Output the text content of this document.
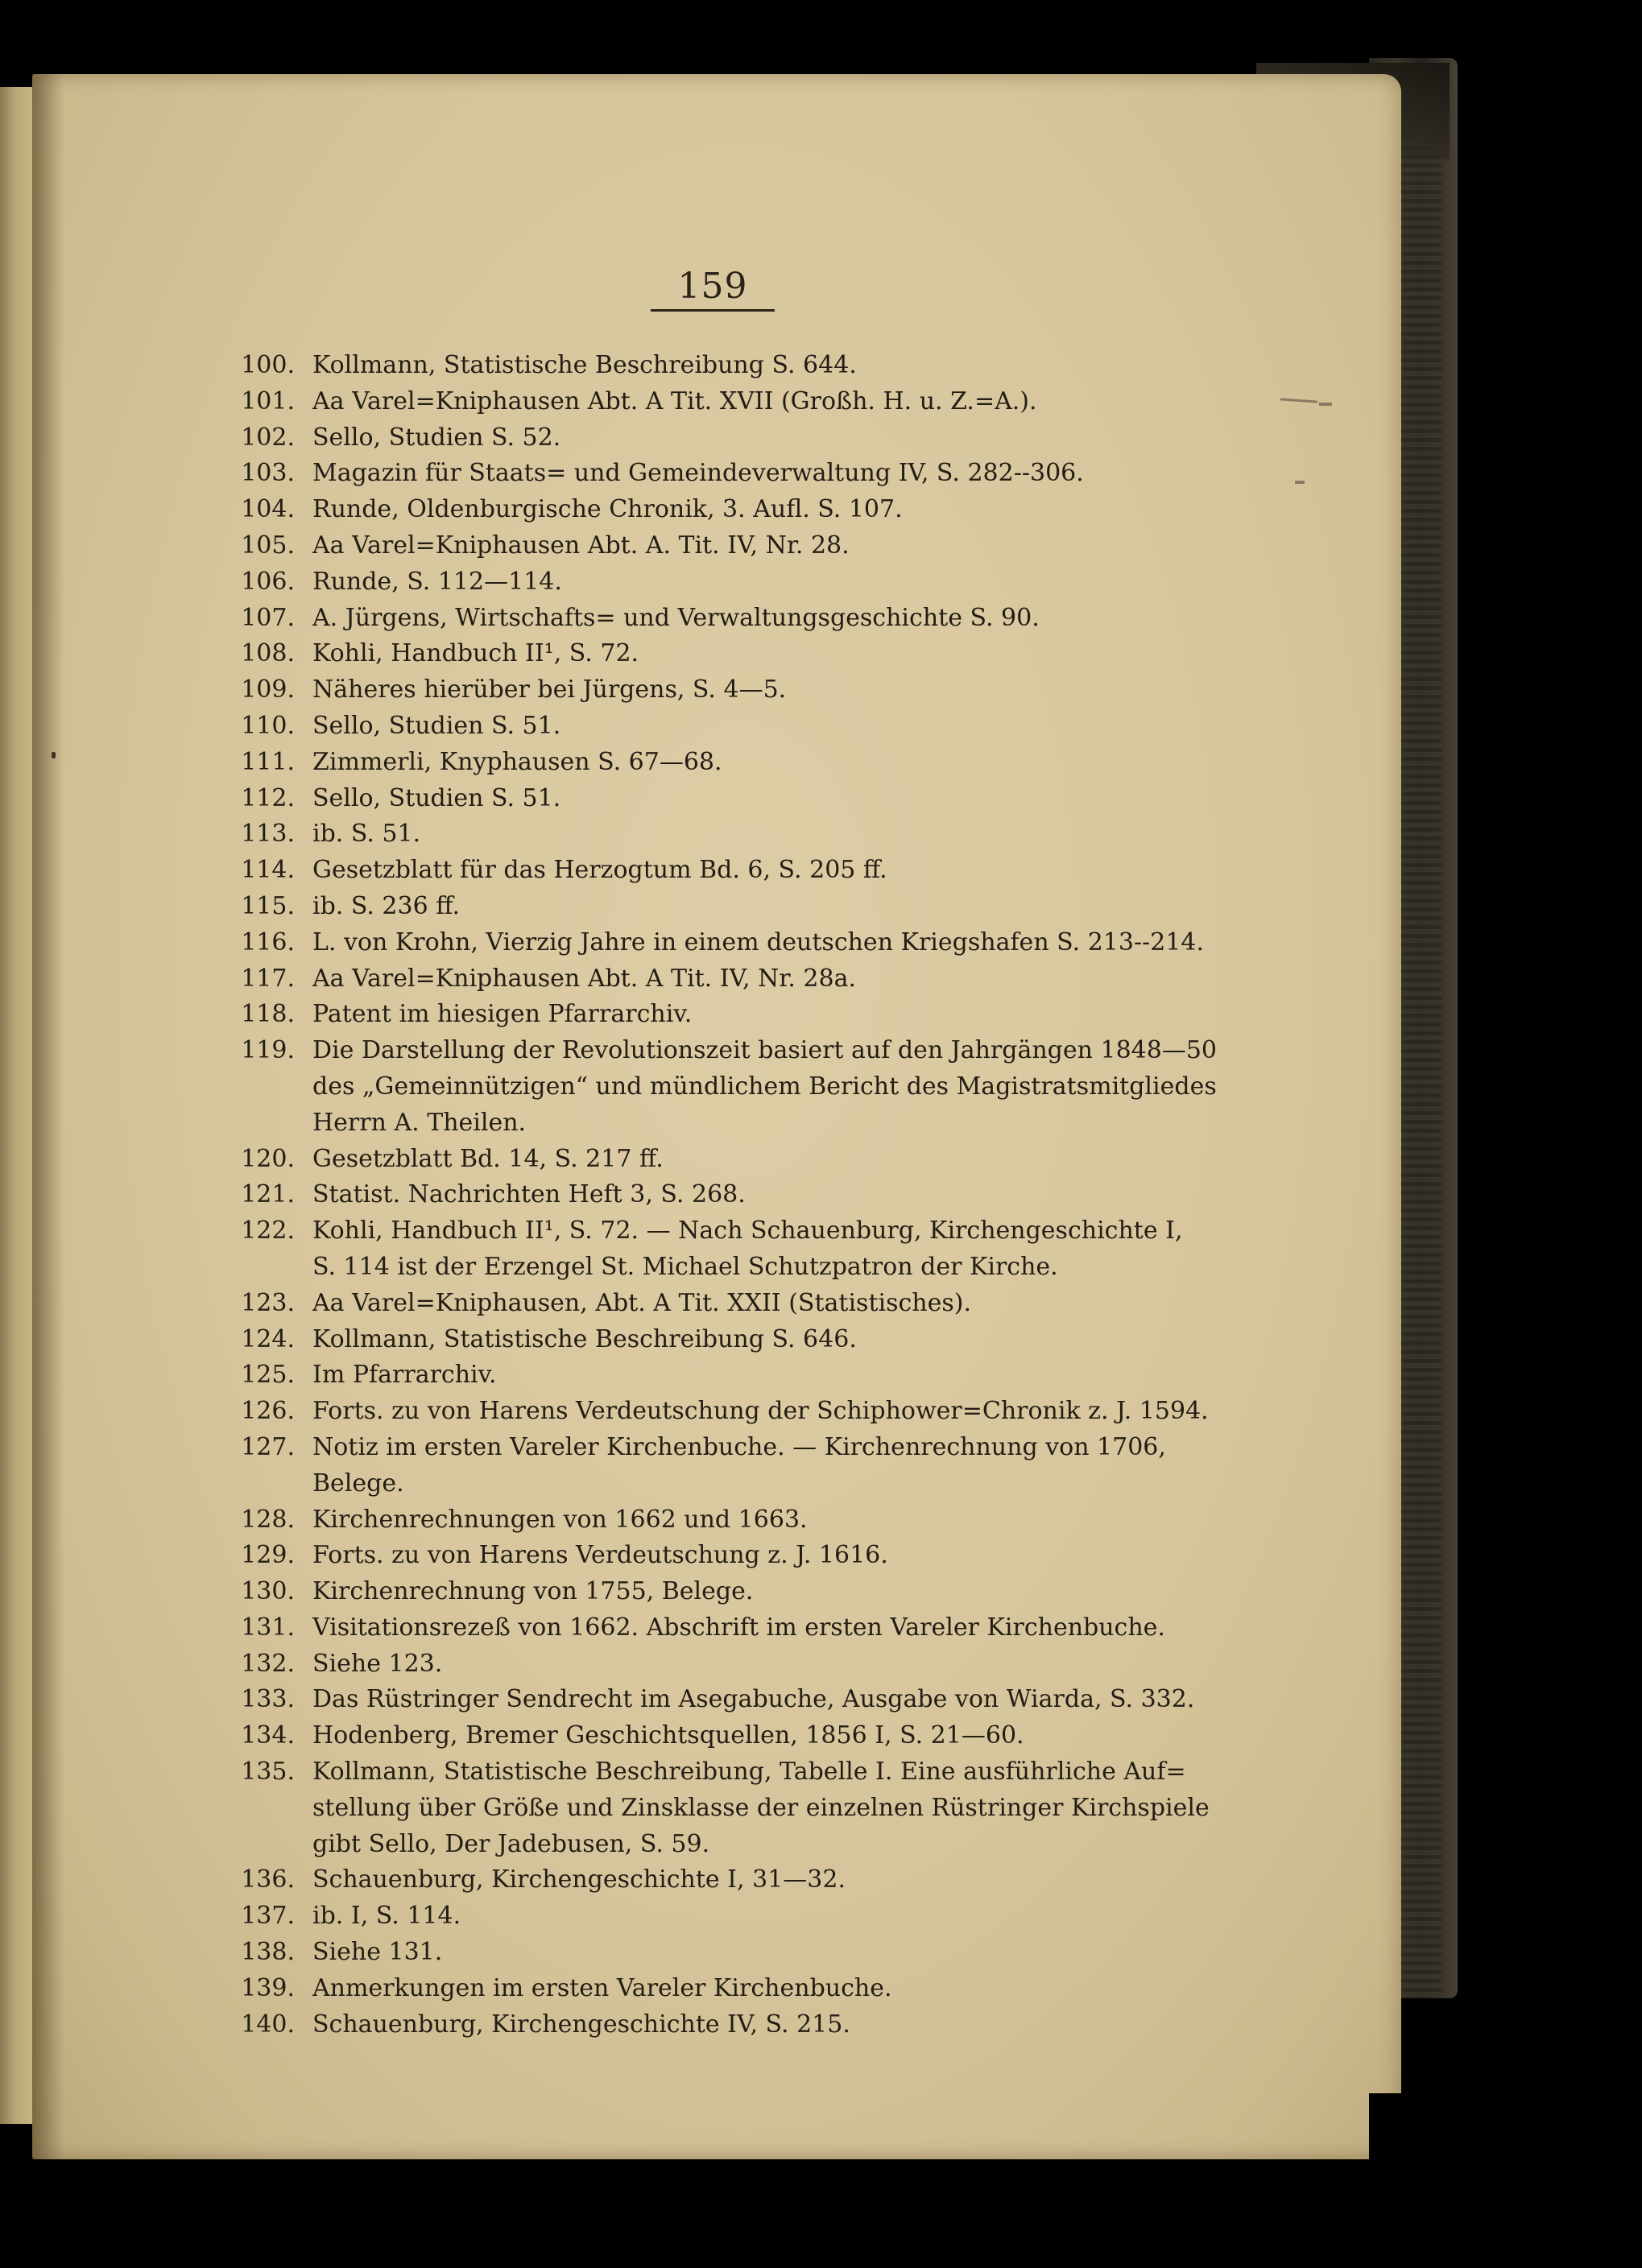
159
100. Kollmann, Statistische Beschreibung S. 644.
101. Aa Varel=Kniphausen Abt. A Tit. XVII (Großh. H. u. Z.=A.).
102. Sello, Studien S. 52.
103. Magazin für Staats= und Gemeindeverwaltung IV, S. 282--306.
104. Runde, Oldenburgische Chronik, 3. Aufl. S. 107.
105. Aa Varel=Kniphausen Abt. A. Tit. IV, Nr. 28.
106. Runde, S. 112—114.
107. A. Jürgens, Wirtschafts= und Verwaltungsgeschichte S. 90.
108. Kohli, Handbuch II¹, S. 72.
109. Näheres hierüber bei Jürgens, S. 4—5.
110. Sello, Studien S. 51.
111. Zimmerli, Knyphausen S. 67—68.
112. Sello, Studien S. 51.
113. ib. S. 51.
114. Gesetzblatt für das Herzogtum Bd. 6, S. 205 ff.
115. ib. S. 236 ff.
116. L. von Krohn, Vierzig Jahre in einem deutschen Kriegshafen S. 213--214.
117. Aa Varel=Kniphausen Abt. A Tit. IV, Nr. 28a.
118. Patent im hiesigen Pfarrarchiv.
119. Die Darstellung der Revolutionszeit basiert auf den Jahrgängen 1848—50
des „Gemeinnützigen“ und mündlichem Bericht des Magistratsmitgliedes
Herrn A. Theilen.
120. Gesetzblatt Bd. 14, S. 217 ff.
121. Statist. Nachrichten Heft 3, S. 268.
122. Kohli, Handbuch II¹, S. 72. — Nach Schauenburg, Kirchengeschichte I,
S. 114 ist der Erzengel St. Michael Schutzpatron der Kirche.
123. Aa Varel=Kniphausen, Abt. A Tit. XXII (Statistisches).
124. Kollmann, Statistische Beschreibung S. 646.
125. Im Pfarrarchiv.
126. Forts. zu von Harens Verdeutschung der Schiphower=Chronik z. J. 1594.
127. Notiz im ersten Vareler Kirchenbuche. — Kirchenrechnung von 1706, Belege.
128. Kirchenrechnungen von 1662 und 1663.
129. Forts. zu von Harens Verdeutschung z. J. 1616.
130. Kirchenrechnung von 1755, Belege.
131. Visitationsrezeß von 1662. Abschrift im ersten Vareler Kirchenbuche.
132. Siehe 123.
133. Das Rüstringer Sendrecht im Asegabuche, Ausgabe von Wiarda, S. 332.
134. Hodenberg, Bremer Geschichtsquellen, 1856 I, S. 21—60.
135. Kollmann, Statistische Beschreibung, Tabelle I. Eine ausführliche Auf=
stellung über Größe und Zinsklasse der einzelnen Rüstringer Kirchspiele
gibt Sello, Der Jadebusen, S. 59.
136. Schauenburg, Kirchengeschichte I, 31—32.
137. ib. I, S. 114.
138. Siehe 131.
139. Anmerkungen im ersten Vareler Kirchenbuche.
140. Schauenburg, Kirchengeschichte IV, S. 215.
